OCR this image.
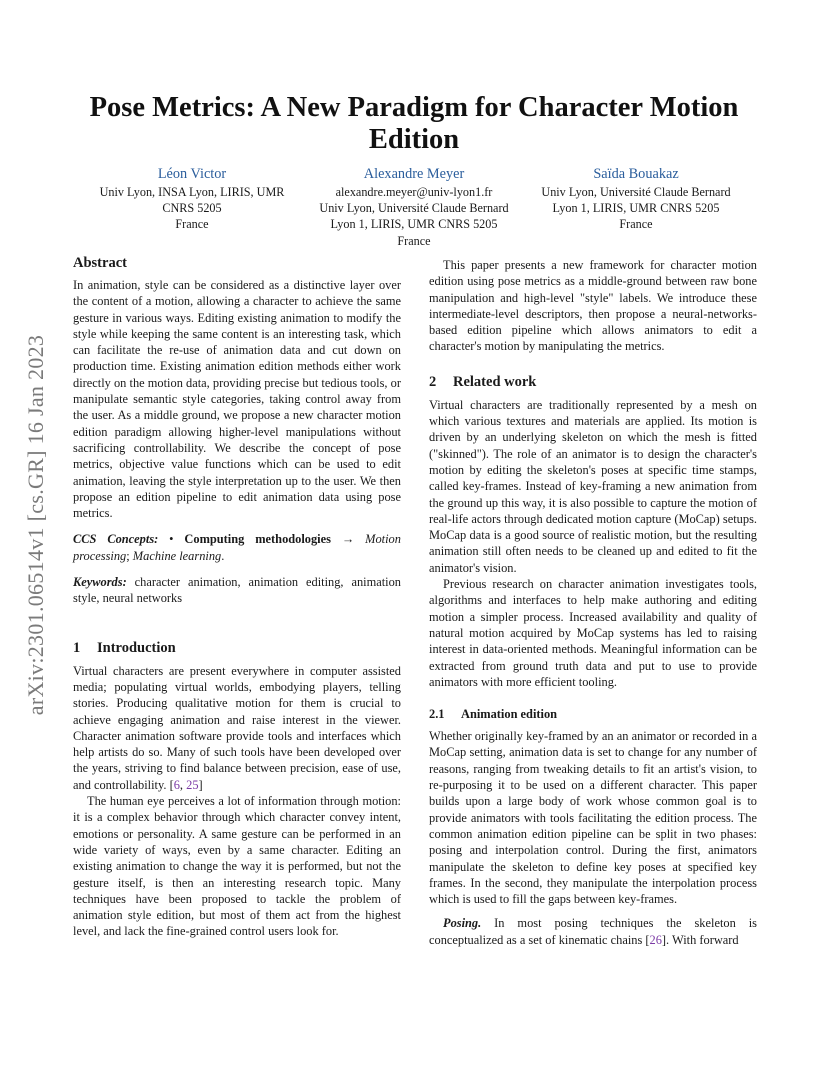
arXiv:2301.06514v1 [cs.GR] 16 Jan 2023
Pose Metrics: A New Paradigm for Character Motion
Edition
Léon Victor
Univ Lyon, INSA Lyon, LIRIS, UMR
CNRS 5205
France
Alexandre Meyer
alexandre.meyer@univ-lyon1.fr
Univ Lyon, Université Claude Bernard
Lyon 1, LIRIS, UMR CNRS 5205
France
Saïda Bouakaz
Univ Lyon, Université Claude Bernard
Lyon 1, LIRIS, UMR CNRS 5205
France
Abstract

In animation, style can be considered as a distinctive layer over the content of a motion, allowing a character to achieve the same gesture in various ways. Editing existing animation to modify the style while keeping the same content is an interesting task, which can facilitate the re-use of animation data and cut down on production time. Existing animation edition methods either work directly on the motion data, providing precise but tedious tools, or manipulate semantic style categories, taking control away from the user. As a middle ground, we propose a new character motion edition paradigm allowing higher-level manipulations without sacrificing controllability. We describe the concept of pose metrics, objective value functions which can be used to edit animation, leaving the style interpretation up to the user. We then propose an edition pipeline to edit animation data using pose metrics.

CCS Concepts: • Computing methodologies → Motion processing; Machine learning.

Keywords: character animation, animation editing, animation style, neural networks

1 Introduction

Virtual characters are present everywhere in computer assisted media; populating virtual worlds, embodying players, telling stories. Producing qualitative motion for them is crucial to achieve engaging animation and raise interest in the viewer. Character animation software provide tools and interfaces which help artists do so. Many of such tools have been developed over the years, striving to find balance between precision, ease of use, and controllability. [6, 25]

The human eye perceives a lot of information through motion: it is a complex behavior through which character convey intent, emotions or personality. A same gesture can be performed in an wide variety of ways, even by a same character. Editing an existing animation to change the way it is performed, but not the gesture itself, is then an interesting research topic. Many techniques have been proposed to tackle the problem of animation style edition, but most of them act from the highest level, and lack the fine-grained control users look for.

This paper presents a new framework for character motion edition using pose metrics as a middle-ground between raw bone manipulation and high-level "style" labels. We introduce these intermediate-level descriptors, then propose a neural-networks-based edition pipeline which allows animators to edit a character's motion by manipulating the metrics.

2 Related work

Virtual characters are traditionally represented by a mesh on which various textures and materials are applied. Its motion is driven by an underlying skeleton on which the mesh is fitted ("skinned"). The role of an animator is to design the character's motion by editing the skeleton's poses at specific time stamps, called key-frames. Instead of key-framing a new animation from the ground up this way, it is also possible to capture the motion of real-life actors through dedicated motion capture (MoCap) setups. MoCap data is a good source of realistic motion, but the resulting animation still often needs to be cleaned up and edited to fit the animator's vision.

Previous research on character animation investigates tools, algorithms and interfaces to help make authoring and editing motion a simpler process. Increased availability and quality of natural motion acquired by MoCap systems has led to raising interest in data-oriented methods. Meaningful information can be extracted from ground truth data and put to use to provide animators with more efficient tooling.

2.1 Animation edition

Whether originally key-framed by an an animator or recorded in a MoCap setting, animation data is set to change for any number of reasons, ranging from tweaking details to fit an artist's vision, to re-purposing it to be used on a different character. This paper builds upon a large body of work whose common goal is to provide animators with tools facilitating the edition process. The common animation edition pipeline can be split in two phases: posing and interpolation control. During the first, animators manipulate the skeleton to define key poses at specified key frames. In the second, they manipulate the interpolation process which is used to fill the gaps between key-frames.

Posing. In most posing techniques the skeleton is conceptualized as a set of kinematic chains [26]. With forward
